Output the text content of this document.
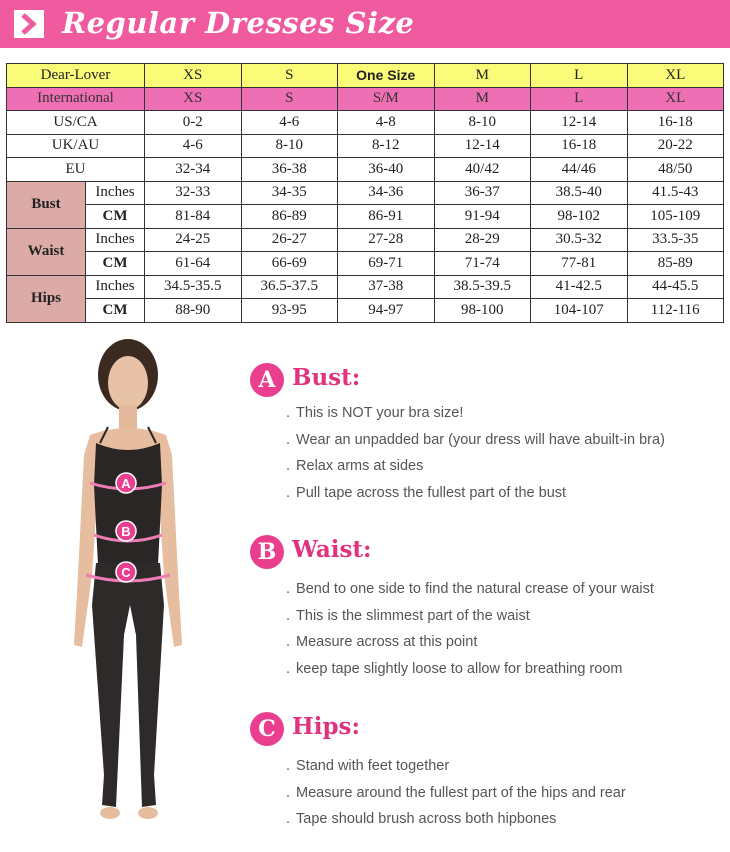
Regular Dresses Size
Dear-Lover		XS	S	One Size	M	L	XL
International		XS	S	S/M	M	L	XL
US/CA		0-2	4-6	4-8	8-10	12-14	16-18
UK/AU		4-6	8-10	8-12	12-14	16-18	20-22
EU		32-34	36-38	36-40	40/42	44/46	48/50
Bust	Inches	32-33	34-35	34-36	36-37	38.5-40	41.5-43
	CM	81-84	86-89	86-91	91-94	98-102	105-109
Waist	Inches	24-25	26-27	27-28	28-29	30.5-32	33.5-35
	CM	61-64	66-69	69-71	71-74	77-81	85-89
Hips	Inches	34.5-35.5	36.5-37.5	37-38	38.5-39.5	41-42.5	44-45.5
	CM	88-90	93-95	94-97	98-100	104-107	112-116
A
B
C
A Bust:
. This is NOT your bra size!
. Wear an unpadded bar (your dress will have abuilt-in bra)
. Relax arms at sides
. Pull tape across the fullest part of the bust
B Waist:
. Bend to one side to find the natural crease of your waist
. This is the slimmest part of the waist
. Measure across at this point
. keep tape slightly loose to allow for breathing room
C Hips:
. Stand with feet together
. Measure around the fullest part of the hips and rear
. Tape should brush across both hipbones
